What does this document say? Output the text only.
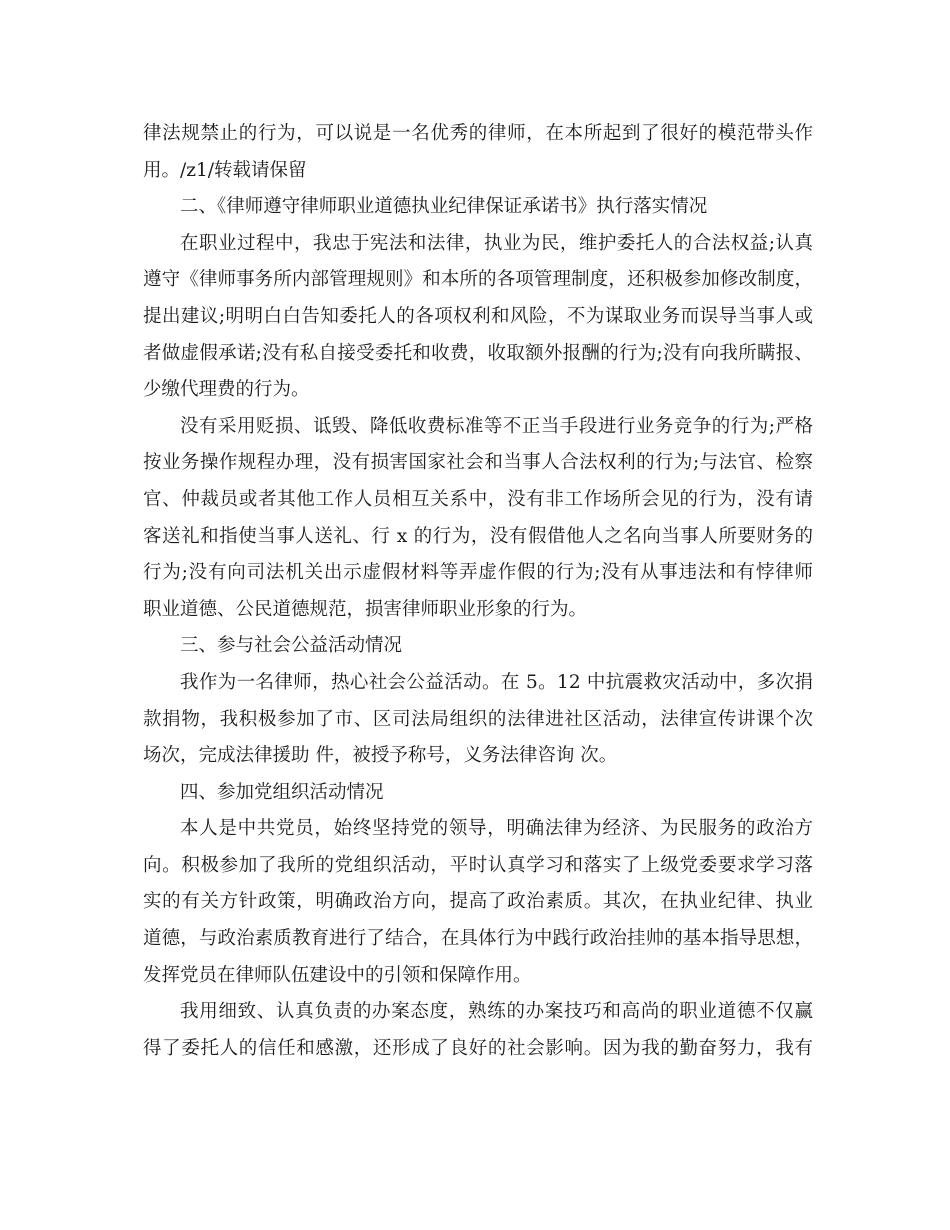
律法规禁止的行为，可以说是一名优秀的律师，在本所起到了很好的模范带头作
用。/z1/转载请保留
二、《律师遵守律师职业道德执业纪律保证承诺书》执行落实情况
在职业过程中，我忠于宪法和法律，执业为民，维护委托人的合法权益;认真
遵守《律师事务所内部管理规则》和本所的各项管理制度，还积极参加修改制度，
提出建议;明明白白告知委托人的各项权利和风险，不为谋取业务而误导当事人或
者做虚假承诺;没有私自接受委托和收费，收取额外报酬的行为;没有向我所瞒报、
少缴代理费的行为。
没有采用贬损、诋毁、降低收费标准等不正当手段进行业务竞争的行为;严格
按业务操作规程办理，没有损害国家社会和当事人合法权利的行为;与法官、检察
官、仲裁员或者其他工作人员相互关系中，没有非工作场所会见的行为，没有请
客送礼和指使当事人送礼、行 x 的行为，没有假借他人之名向当事人所要财务的
行为;没有向司法机关出示虚假材料等弄虚作假的行为;没有从事违法和有悖律师
职业道德、公民道德规范，损害律师职业形象的行为。
三、参与社会公益活动情况
我作为一名律师，热心社会公益活动。在 5。12 中抗震救灾活动中，多次捐
款捐物，我积极参加了市、区司法局组织的法律进社区活动，法律宣传讲课个次
场次，完成法律援助 件，被授予称号，义务法律咨询 次。
四、参加党组织活动情况
本人是中共党员，始终坚持党的领导，明确法律为经济、为民服务的政治方
向。积极参加了我所的党组织活动，平时认真学习和落实了上级党委要求学习落
实的有关方针政策，明确政治方向，提高了政治素质。其次，在执业纪律、执业
道德，与政治素质教育进行了结合，在具体行为中践行政治挂帅的基本指导思想，
发挥党员在律师队伍建设中的引领和保障作用。
我用细致、认真负责的办案态度，熟练的办案技巧和高尚的职业道德不仅赢
得了委托人的信任和感激，还形成了良好的社会影响。因为我的勤奋努力，我有
